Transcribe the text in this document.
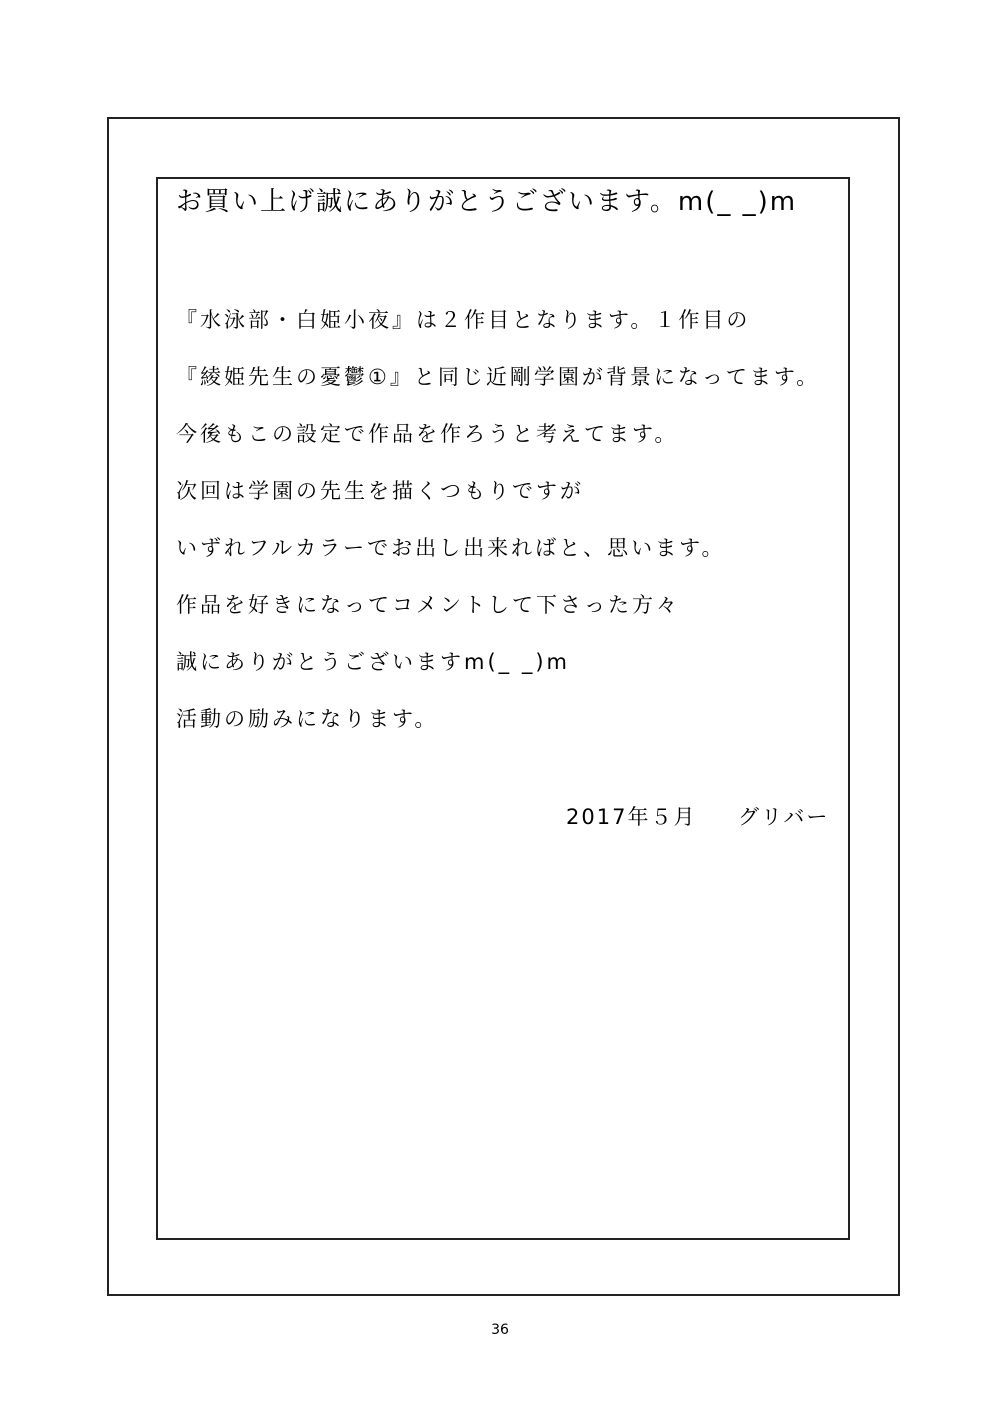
お買い上げ誠にありがとうございます。m(_ _)m
『水泳部・白姫小夜』は２作目となります。１作目の
『綾姫先生の憂鬱①』と同じ近剛学園が背景になってます。
今後もこの設定で作品を作ろうと考えてます。
次回は学園の先生を描くつもりですが
いずれフルカラーでお出し出来ればと、思います。
作品を好きになってコメントして下さった方々
誠にありがとうございますm(_ _)m
活動の励みになります。
2017年５月 グリバー
36
